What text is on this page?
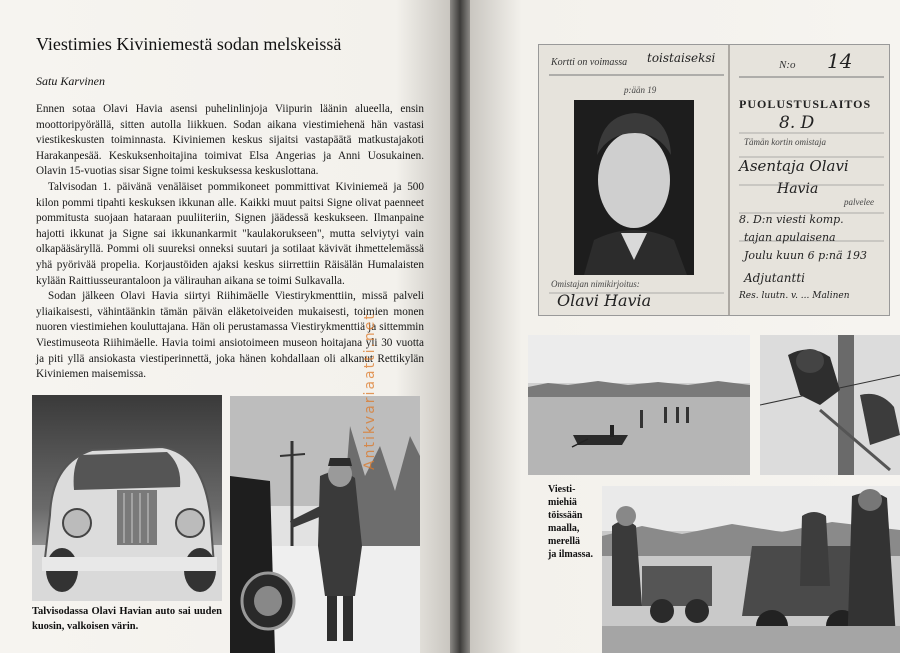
Viestimies Kiviniemestä sodan melskeissä
Satu Karvinen

Ennen sotaa Olavi Havia asensi puhelinlinjoja Viipurin läänin alueella, ensin moottoripyörällä, sitten autolla liikkuen. Sodan aikana viestimiehenä hän vastasi viestikeskusten toiminnasta. Kiviniemen keskus sijaitsi vastapäätä matkustajakoti Harakanpesää. Keskuksenhoitajina toimivat Elsa Angerias ja Anni Uosukainen. Olavin 15-vuotias sisar Signe toimi keskuksessa keskuslottana.

Talvisodan 1. päivänä venäläiset pommikoneet pommittivat Kiviniemeä ja 500 kilon pommi tipahti keskuksen ikkunan alle. Kaikki muut paitsi Signe olivat paenneet pommitusta suojaan hataraan puuliiteriin, Signen jäädessä keskukseen. Ilmanpaine hajotti ikkunat ja Signe sai ikkunankarmit "kaulakorukseen", mutta selviytyi vain olkapääsäryllä. Pommi oli suureksi onneksi suutari ja sotilaat kävivät ihmettelemässä yhä pyörivää propelia. Korjaustöiden ajaksi keskus siirrettiin Räisälän Humalaisten kylään Raittiusseurantaloon ja välirauhan aikana se toimi Sulkavalla.

Sodan jälkeen Olavi Havia siirtyi Riihimäelle Viestirykmenttiin, missä palveli yliaikaisesti, vähintäänkin tämän päivän eläketoiveiden mukaisesti, toimien monen nuoren viestimiehen kouluttajana. Hän oli perustamassa Viestirykmenttiä ja sittemmin Viestimuseota Riihimäelle. Havia toimi ansiotoimeen museon hoitajana yli 30 vuotta ja piti yllä ansiokasta viestiperinnettä, joka hänen kohdallaan oli alkanut Rettikylän Kiviniemen maisemissa.

Talvisodassa Olavi Havian auto sai uuden kuosin, valkoisen värin.
Antikvariaatti.net
Kortti on voimassa toistaiseksi	N:o 14
p:ään 19
PUOLUSTUSLAITOS
8. D
Tämän kortin omistaja
Asentaja Olavi
Havia
palvelee
8. D:n viesti komp.
tajan apulaisena
Joulu kuun 6 p:nä 193
Omistajan nimikirjoitus:
Olavi Havia
Adjutantti
Res. luutn. v. ... Malinen
Viesti-
miehiä
töissään
maalla,
merellä
ja ilmassa.
